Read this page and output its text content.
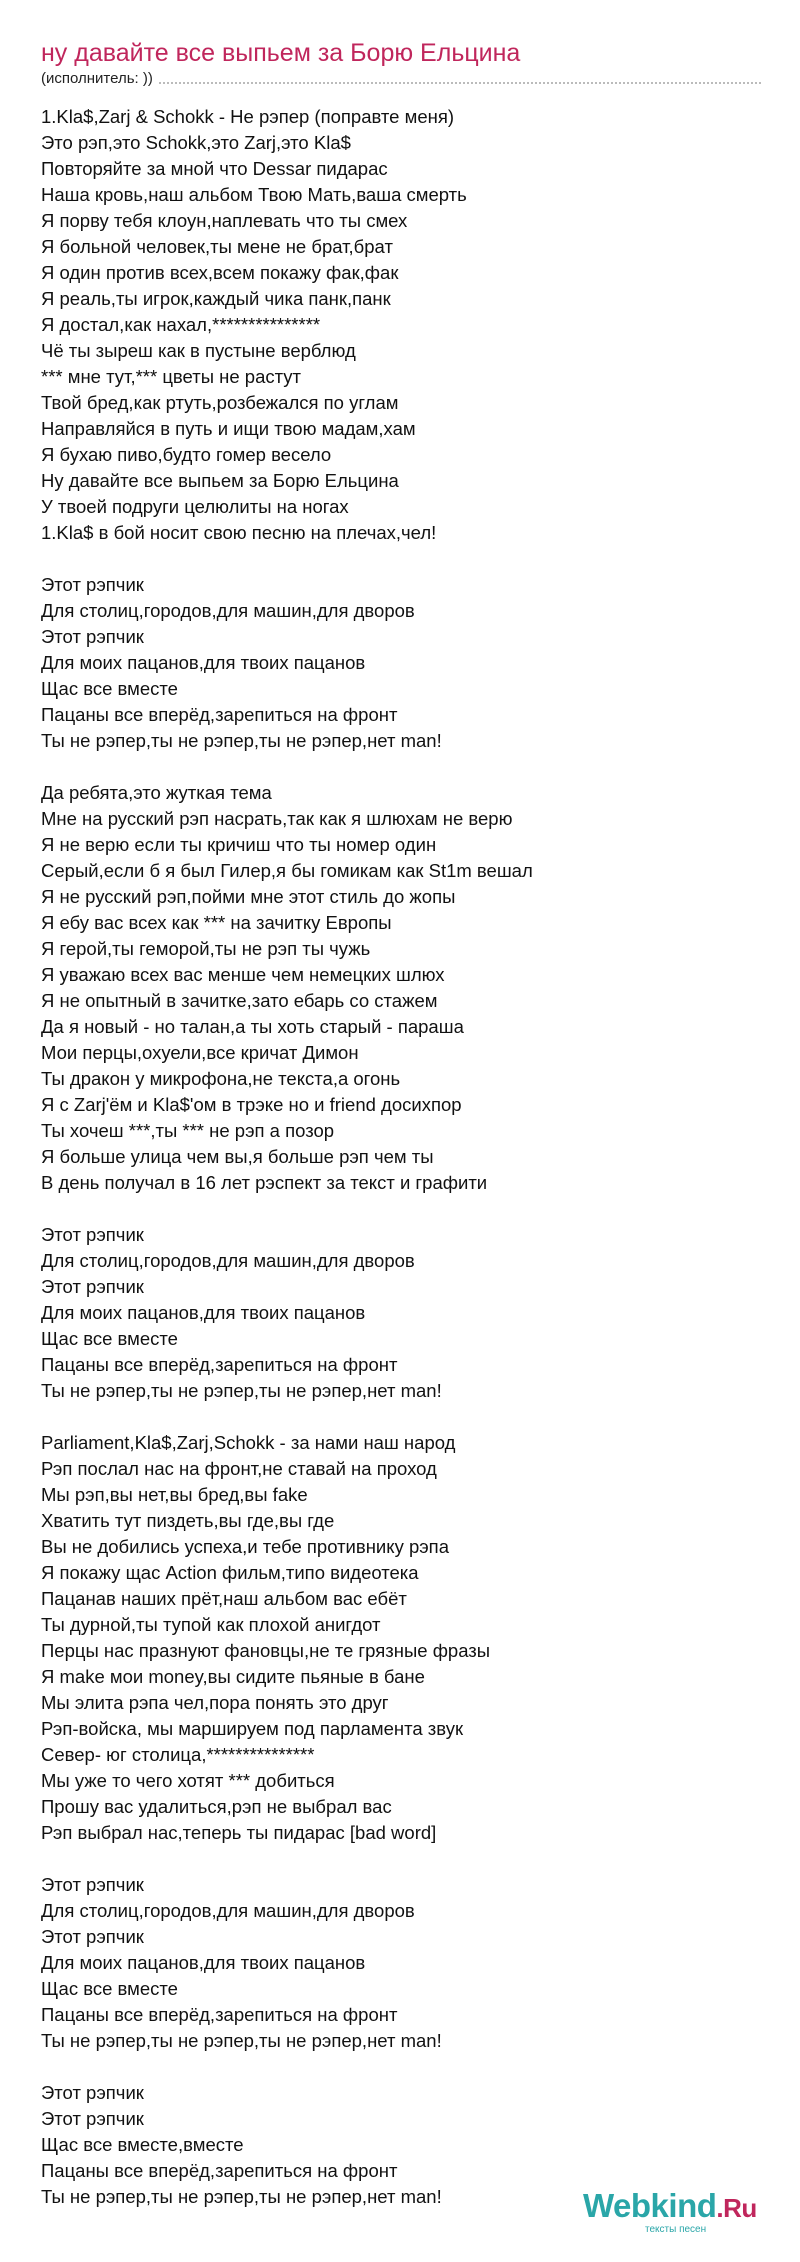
ну давайте все выпьем за Борю Ельцина
(исполнитель: ))
1.Kla$,Zarj & Schokk - Не рэпер (поправте меня)
Это рэп,это Schokk,это Zarj,это Kla$
Повторяйте за мной что Dessar пидарас
Наша кровь,наш альбом Твою Мать,ваша смерть
Я порву тебя клоун,наплевать что ты смех
Я больной человек,ты мене не брат,брат
Я один против всех,всем покажу фак,фак
Я реаль,ты игрок,каждый чика панк,панк
Я достал,как нахал,***************
Чё ты зыреш как в пустыне верблюд
*** мне тут,*** цветы не растут
Твой бред,как ртуть,розбежался по углам
Направляйся в путь и ищи твою мадам,хам
Я бухаю пиво,будто гомер весело
Ну давайте все выпьем за Борю Ельцина
У твоей подруги целюлиты на ногах
1.Kla$ в бой носит свою песню на плечах,чел!
Этот рэпчик
Для столиц,городов,для машин,для дворов
Этот рэпчик
Для моих пацанов,для твоих пацанов
Щас все вместе
Пацаны все вперёд,зарепиться на фронт
Ты не рэпер,ты не рэпер,ты не рэпер,нет man!
Да ребята,это жуткая тема
Мне на русский рэп насрать,так как я шлюхам не верю
Я не верю если ты кричиш что ты номер один
Серый,если б я был Гилер,я бы гомикам как St1m вешал
Я не русский рэп,пойми мне этот стиль до жопы
Я ебу вас всех как *** на зачитку Европы
Я герой,ты геморой,ты не рэп ты чужь
Я уважаю всех вас менше чем немецких шлюх
Я не опытный в зачитке,зато ебарь со стажем
Да я новый - но талан,а ты хоть старый - параша
Мои перцы,охуели,все кричат Димон
Ты дракон у микрофона,не текста,а огонь
Я с Zarj'ём и Kla$'ом в трэке но и friend досихпор
Ты хочеш ***,ты *** не рэп а позор
Я больше улица чем вы,я больше рэп чем ты
В день получал в 16 лет рэспект за текст и графити
Этот рэпчик
Для столиц,городов,для машин,для дворов
Этот рэпчик
Для моих пацанов,для твоих пацанов
Щас все вместе
Пацаны все вперёд,зарепиться на фронт
Ты не рэпер,ты не рэпер,ты не рэпер,нет man!
Parliament,Kla$,Zarj,Schokk - за нами наш народ
Рэп послал нас на фронт,не ставай на проход
Мы рэп,вы нет,вы бред,вы fake
Хватить тут пиздеть,вы где,вы где
Вы не добились успеха,и тебе противнику рэпа
Я покажу щас Action фильм,типо видеотека
Пацанав наших прёт,наш альбом вас ебёт
Ты дурной,ты тупой как плохой анигдот
Перцы нас празнуют фановцы,не те грязные фразы
Я make мои money,вы сидите пьяные в бане
Мы элита рэпа чел,пора понять это друг
Рэп-войска, мы маршируем под парламента звук
Север- юг столица,***************
Мы уже то чего хотят *** добиться
Прошу вас удалиться,рэп не выбрал вас
Рэп выбрал нас,теперь ты пидарас [bad word]
Этот рэпчик
Для столиц,городов,для машин,для дворов
Этот рэпчик
Для моих пацанов,для твоих пацанов
Щас все вместе
Пацаны все вперёд,зарепиться на фронт
Ты не рэпер,ты не рэпер,ты не рэпер,нет man!
Этот рэпчик
Этот рэпчик
Щас все вместе,вместе
Пацаны все вперёд,зарепиться на фронт
Ты не рэпер,ты не рэпер,ты не рэпер,нет man!	Webkind.Ru
тексты песен
